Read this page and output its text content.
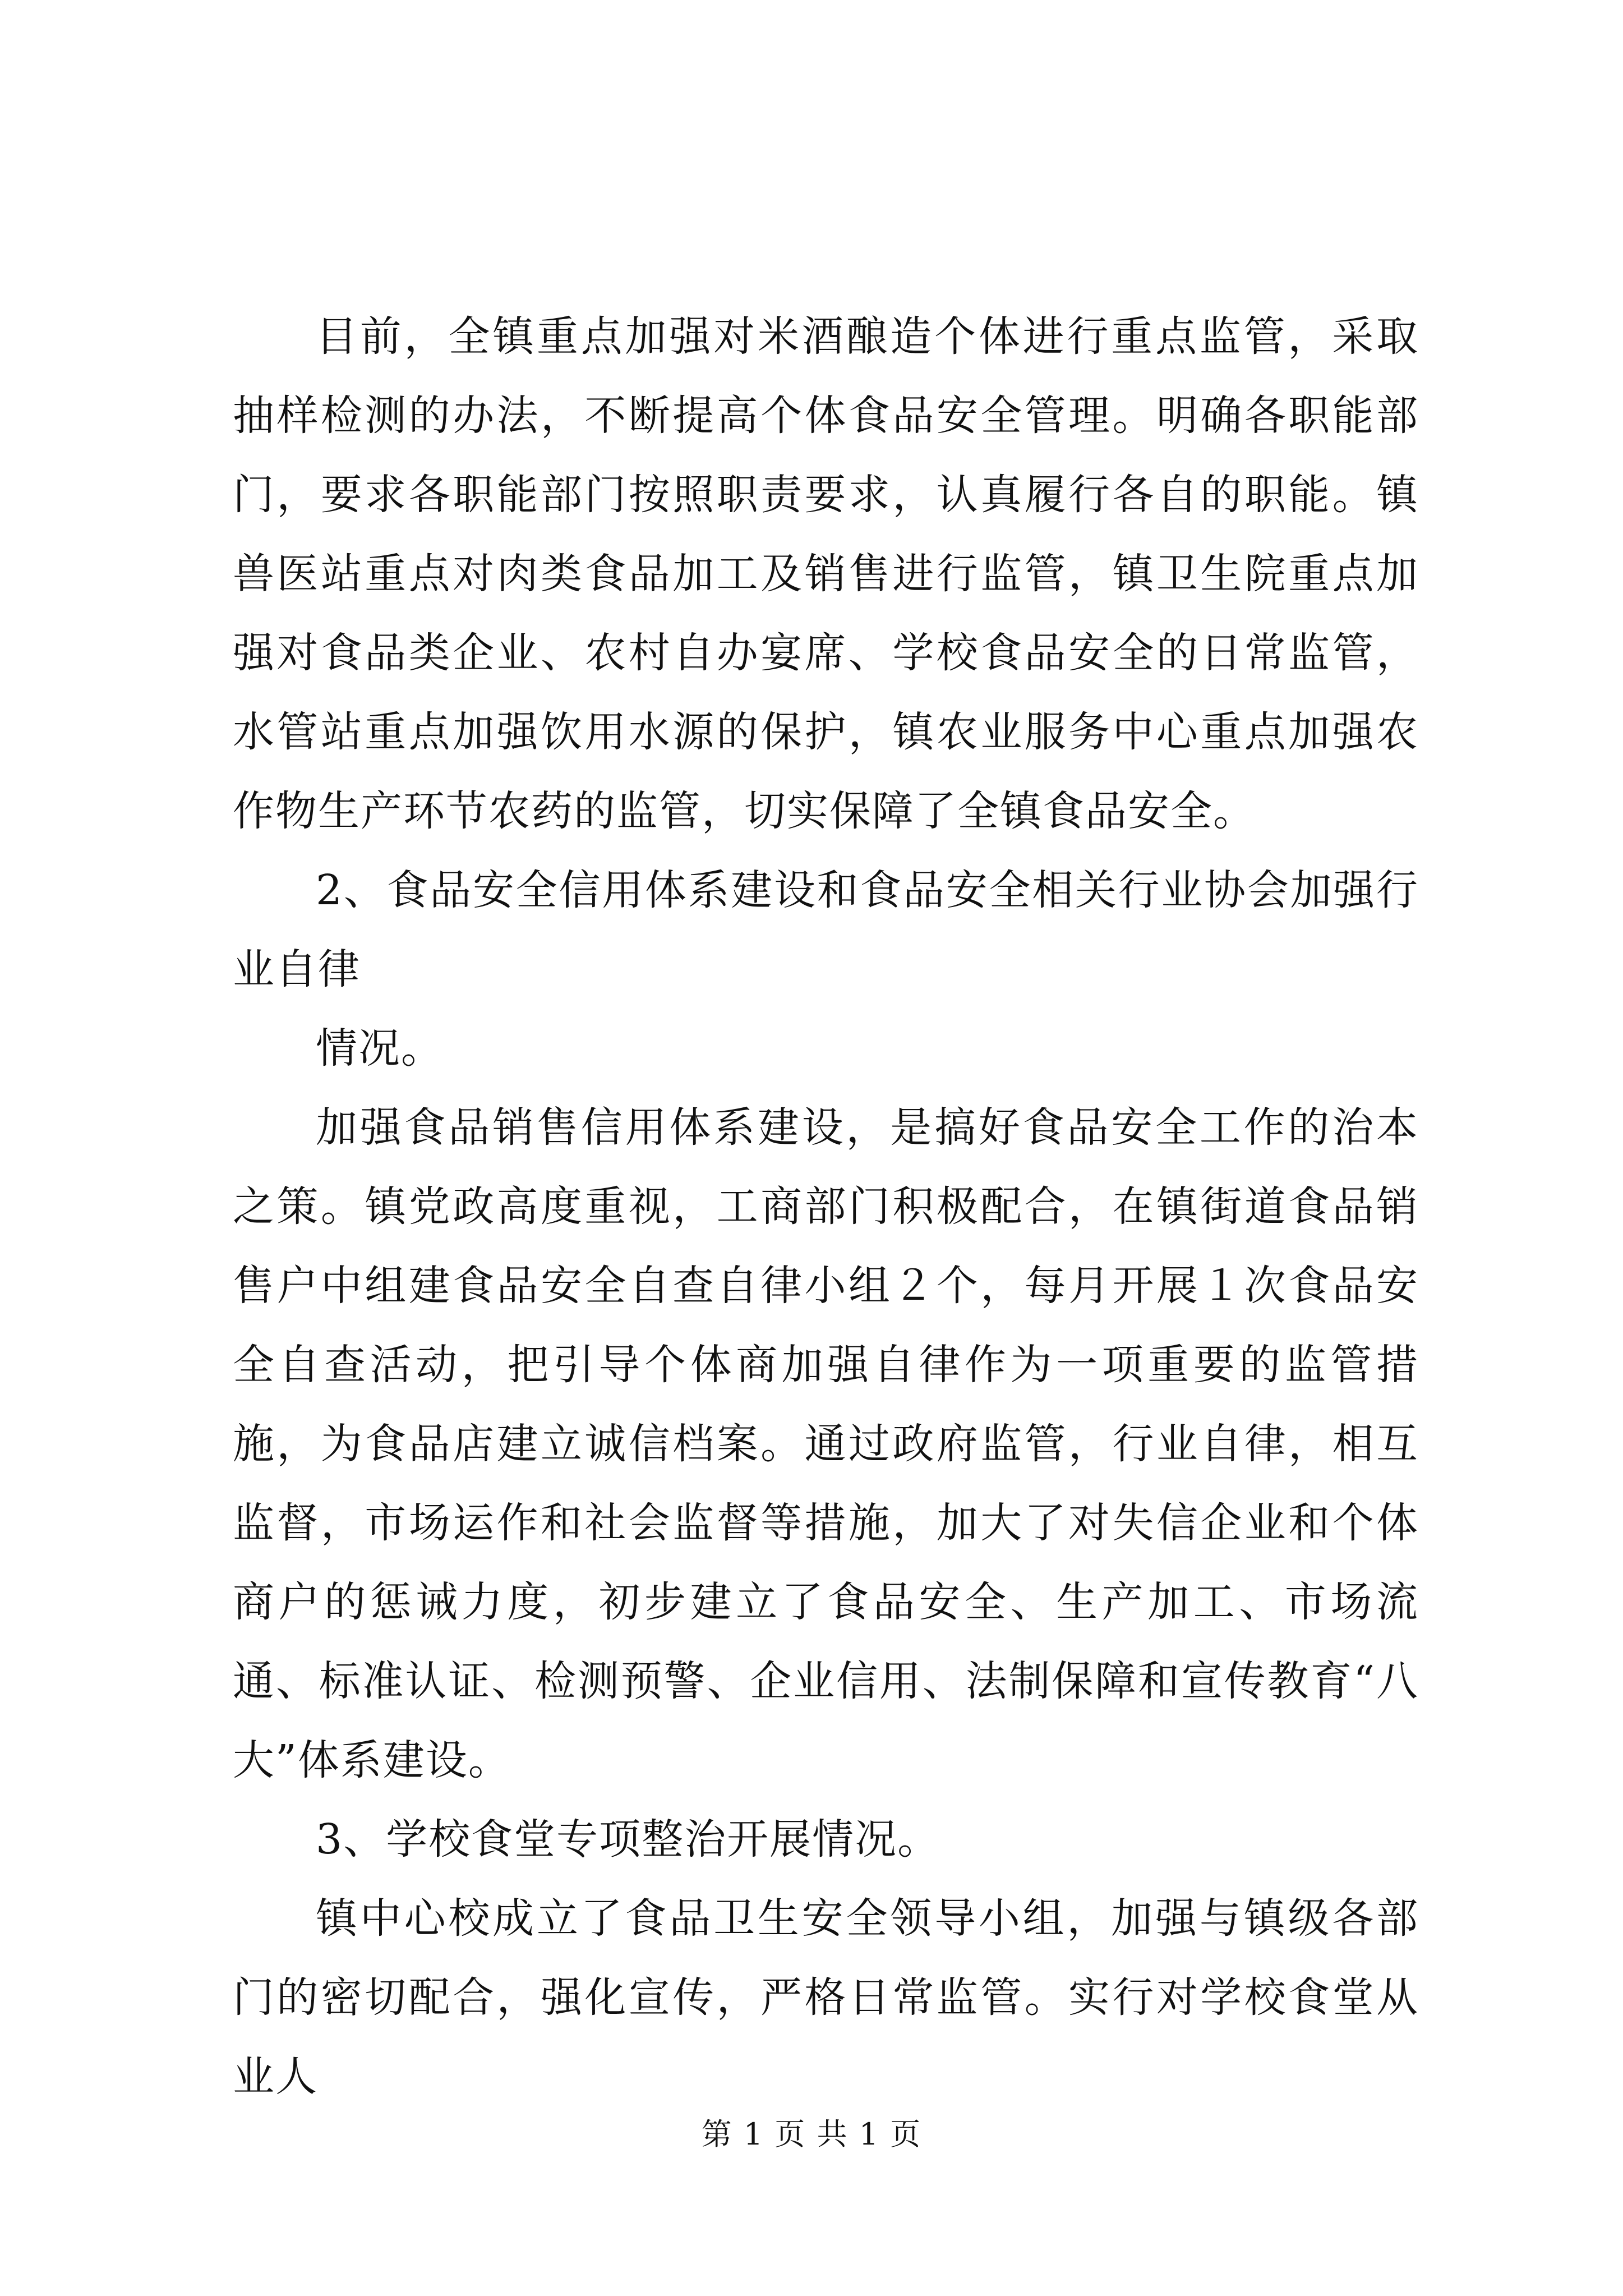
目前，全镇重点加强对米酒酿造个体进行重点监管，采取抽样检测的办法，不断提高个体食品安全管理。明确各职能部门，要求各职能部门按照职责要求，认真履行各自的职能。镇兽医站重点对肉类食品加工及销售进行监管，镇卫生院重点加强对食品类企业、农村自办宴席、学校食品安全的日常监管，水管站重点加强饮用水源的保护，镇农业服务中心重点加强农作物生产环节农药的监管，切实保障了全镇食品安全。

2、食品安全信用体系建设和食品安全相关行业协会加强行业自律

情况。

加强食品销售信用体系建设，是搞好食品安全工作的治本之策。镇党政高度重视，工商部门积极配合，在镇街道食品销售户中组建食品安全自查自律小组２个，每月开展１次食品安全自查活动，把引导个体商加强自律作为一项重要的监管措施，为食品店建立诚信档案。通过政府监管，行业自律，相互监督，市场运作和社会监督等措施，加大了对失信企业和个体商户的惩诫力度，初步建立了食品安全、生产加工、市场流通、标准认证、检测预警、企业信用、法制保障和宣传教育“八大”体系建设。

3、学校食堂专项整治开展情况。

镇中心校成立了食品卫生安全领导小组，加强与镇级各部门的密切配合，强化宣传，严格日常监管。实行对学校食堂从业人

第 1 页 共 1 页
